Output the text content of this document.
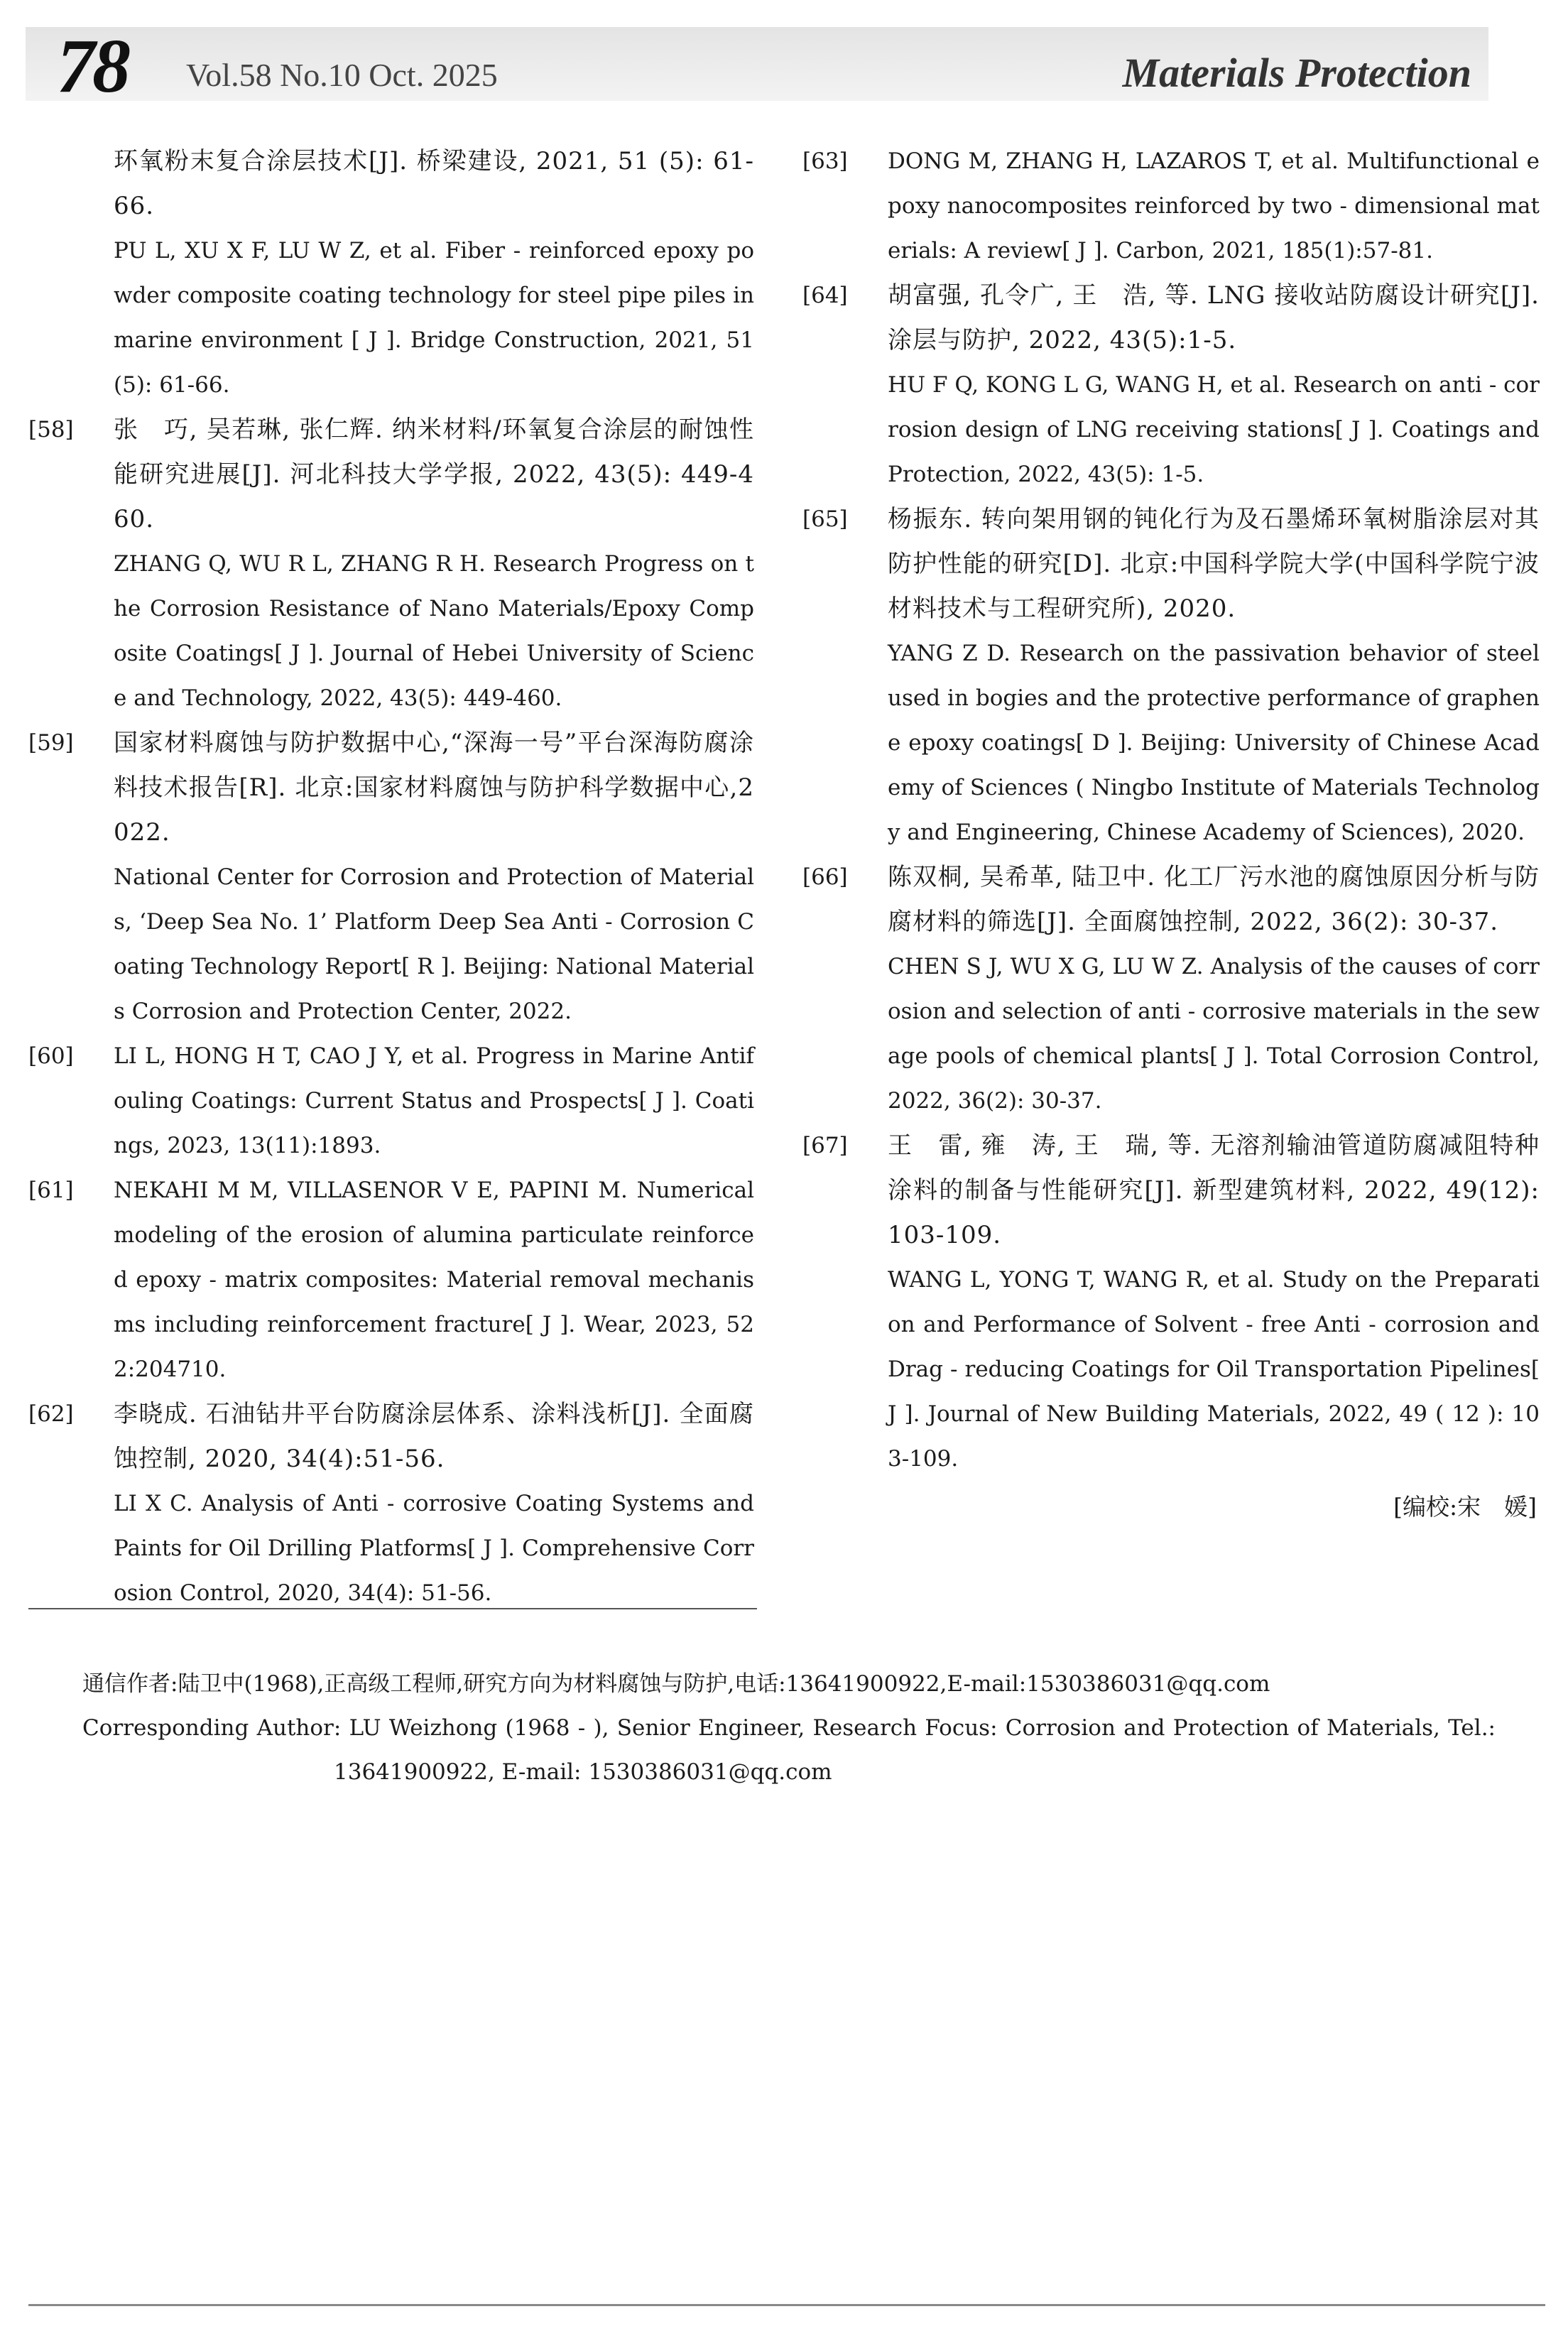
78 Vol.58 No.10 Oct. 2025	Materials Protection
环氧粉末复合涂层技术[J]. 桥梁建设, 2021, 51 (5): 61-66.
PU L, XU X F, LU W Z, et al. Fiber - reinforced epoxy powder composite coating technology for steel pipe piles in marine environment [ J ]. Bridge Construction, 2021, 51(5): 61-66.
[58] 张　巧, 吴若琳, 张仁辉. 纳米材料/环氧复合涂层的耐蚀性能研究进展[J]. 河北科技大学学报, 2022, 43(5): 449-460.
ZHANG Q, WU R L, ZHANG R H. Research Progress on the Corrosion Resistance of Nano Materials/Epoxy Composite Coatings[ J ]. Journal of Hebei University of Science and Technology, 2022, 43(5): 449-460.
[59] 国家材料腐蚀与防护数据中心,“深海一号”平台深海防腐涂料技术报告[R]. 北京:国家材料腐蚀与防护科学数据中心,2022.
National Center for Corrosion and Protection of Materials, ‘Deep Sea No. 1’ Platform Deep Sea Anti - Corrosion Coating Technology Report[ R ]. Beijing: National Materials Corrosion and Protection Center, 2022.
[60] LI L, HONG H T, CAO J Y, et al. Progress in Marine Antifouling Coatings: Current Status and Prospects[ J ]. Coatings, 2023, 13(11):1893.
[61] NEKAHI M M, VILLASENOR V E, PAPINI M. Numerical modeling of the erosion of alumina particulate reinforced epoxy - matrix composites: Material removal mechanisms including reinforcement fracture[ J ]. Wear, 2023, 522:204710.
[62] 李晓成. 石油钻井平台防腐涂层体系、涂料浅析[J]. 全面腐蚀控制, 2020, 34(4):51-56.
LI X C. Analysis of Anti - corrosive Coating Systems and Paints for Oil Drilling Platforms[ J ]. Comprehensive Corrosion Control, 2020, 34(4): 51-56.
[63] DONG M, ZHANG H, LAZAROS T, et al. Multifunctional epoxy nanocomposites reinforced by two - dimensional materials: A review[ J ]. Carbon, 2021, 185(1):57-81.
[64] 胡富强, 孔令广, 王　浩, 等. LNG 接收站防腐设计研究[J]. 涂层与防护, 2022, 43(5):1-5.
HU F Q, KONG L G, WANG H, et al. Research on anti - corrosion design of LNG receiving stations[ J ]. Coatings and Protection, 2022, 43(5): 1-5.
[65] 杨振东. 转向架用钢的钝化行为及石墨烯环氧树脂涂层对其防护性能的研究[D]. 北京:中国科学院大学(中国科学院宁波材料技术与工程研究所), 2020.
YANG Z D. Research on the passivation behavior of steel used in bogies and the protective performance of graphene epoxy coatings[ D ]. Beijing: University of Chinese Academy of Sciences ( Ningbo Institute of Materials Technology and Engineering, Chinese Academy of Sciences), 2020.
[66] 陈双桐, 吴希革, 陆卫中. 化工厂污水池的腐蚀原因分析与防腐材料的筛选[J]. 全面腐蚀控制, 2022, 36(2): 30-37.
CHEN S J, WU X G, LU W Z. Analysis of the causes of corrosion and selection of anti - corrosive materials in the sewage pools of chemical plants[ J ]. Total Corrosion Control, 2022, 36(2): 30-37.
[67] 王　雷, 雍　涛, 王　瑞, 等. 无溶剂输油管道防腐减阻特种涂料的制备与性能研究[J]. 新型建筑材料, 2022, 49(12):103-109.
WANG L, YONG T, WANG R, et al. Study on the Preparation and Performance of Solvent - free Anti - corrosion and Drag - reducing Coatings for Oil Transportation Pipelines[ J ]. Journal of New Building Materials, 2022, 49 ( 12 ): 103-109.
[编校:宋　媛]
通信作者:陆卫中(1968),正高级工程师,研究方向为材料腐蚀与防护,电话:13641900922,E-mail:1530386031@qq.com
Corresponding Author: LU Weizhong (1968 - ), Senior Engineer, Research Focus: Corrosion and Protection of Materials, Tel.:
13641900922, E-mail: 1530386031@qq.com
